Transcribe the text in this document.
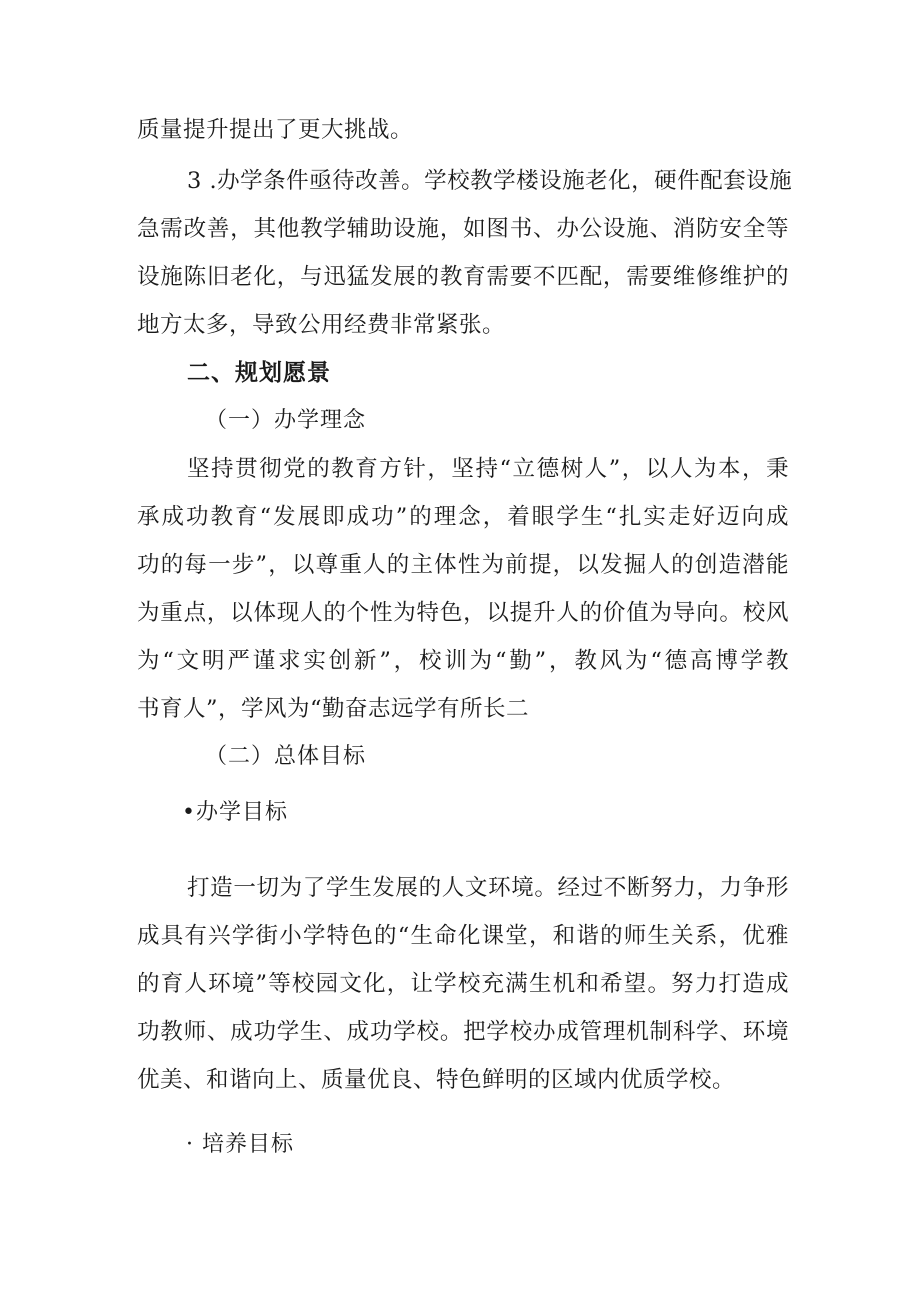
质量提升提出了更大挑战。
3 .办学条件亟待改善。学校教学楼设施老化，硬件配套设施
急需改善，其他教学辅助设施，如图书、办公设施、消防安全等
设施陈旧老化，与迅猛发展的教育需要不匹配，需要维修维护的
地方太多，导致公用经费非常紧张。
二、规划愿景
（一）办学理念
坚持贯彻党的教育方针，坚持“立德树人”，以人为本，秉
承成功教育“发展即成功”的理念，着眼学生“扎实走好迈向成
功的每一步”，以尊重人的主体性为前提，以发掘人的创造潜能
为重点，以体现人的个性为特色，以提升人的价值为导向。校风
为“文明严谨求实创新”，校训为“勤”，教风为“德高博学教
书育人”，学风为“勤奋志远学有所长二
（二）总体目标
•办学目标
打造一切为了学生发展的人文环境。经过不断努力，力争形
成具有兴学街小学特色的“生命化课堂，和谐的师生关系，优雅
的育人环境”等校园文化，让学校充满生机和希望。努力打造成
功教师、成功学生、成功学校。把学校办成管理机制科学、环境
优美、和谐向上、质量优良、特色鲜明的区域内优质学校。
· 培养目标
